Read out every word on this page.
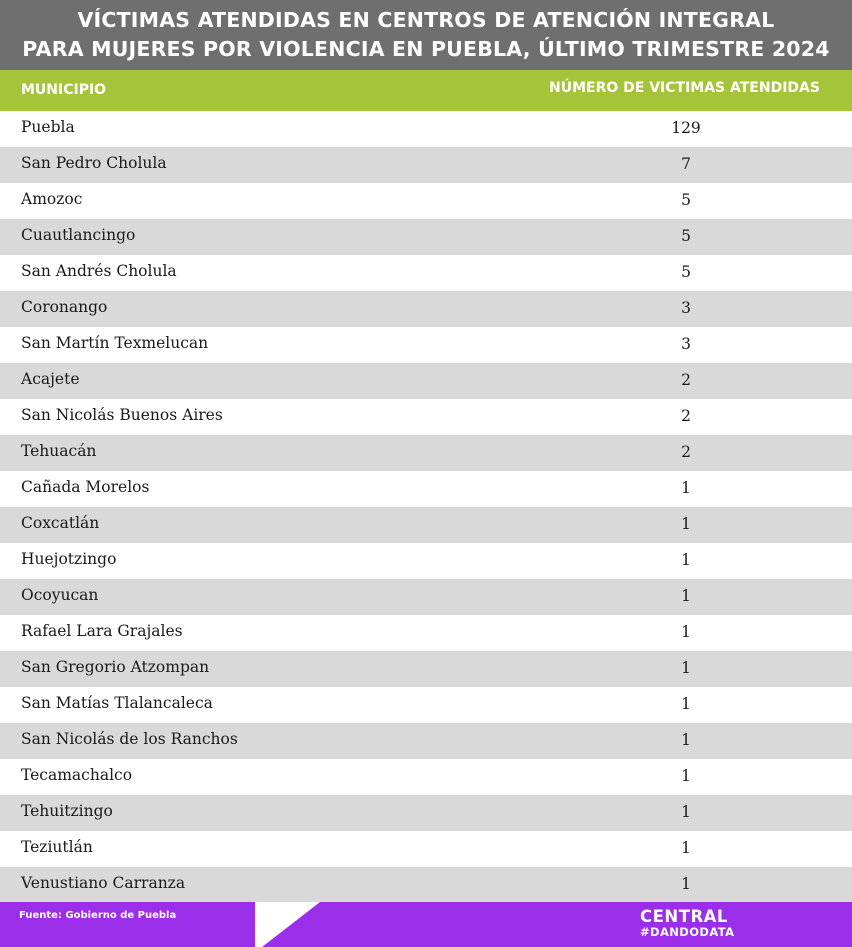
VÍCTIMAS ATENDIDAS EN CENTROS DE ATENCIÓN INTEGRAL
PARA MUJERES POR VIOLENCIA EN PUEBLA, ÚLTIMO TRIMESTRE 2024
MUNICIPIO	NÚMERO DE VICTIMAS ATENDIDAS
Puebla	129
San Pedro Cholula	7
Amozoc	5
Cuautlancingo	5
San Andrés Cholula	5
Coronango	3
San Martín Texmelucan	3
Acajete	2
San Nicolás Buenos Aires	2
Tehuacán	2
Cañada Morelos	1
Coxcatlán	1
Huejotzingo	1
Ocoyucan	1
Rafael Lara Grajales	1
San Gregorio Atzompan	1
San Matías Tlalancaleca	1
San Nicolás de los Ranchos	1
Tecamachalco	1
Tehuitzingo	1
Teziutlán	1
Venustiano Carranza	1
Fuente: Gobierno de Puebla	CENTRAL
#DANDODATA
